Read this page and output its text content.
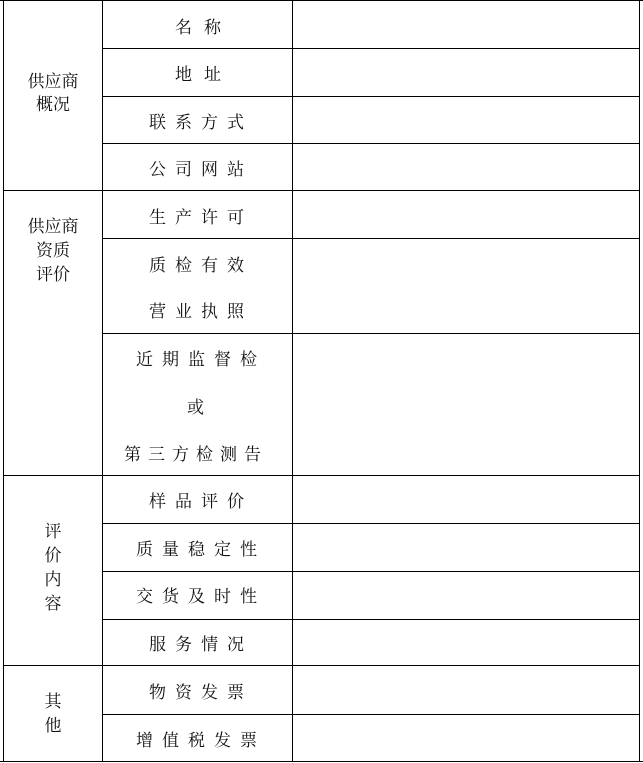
供应商
概况
供应商
资质
评价
评
价
内
容
其
他
名称
地址
联系方式
公司网站
生产许可
质检有效
营业执照
近期监督检
或
第三方检测告
样品评价
质量稳定性
交货及时性
服务情况
物资发票
增值税发票
